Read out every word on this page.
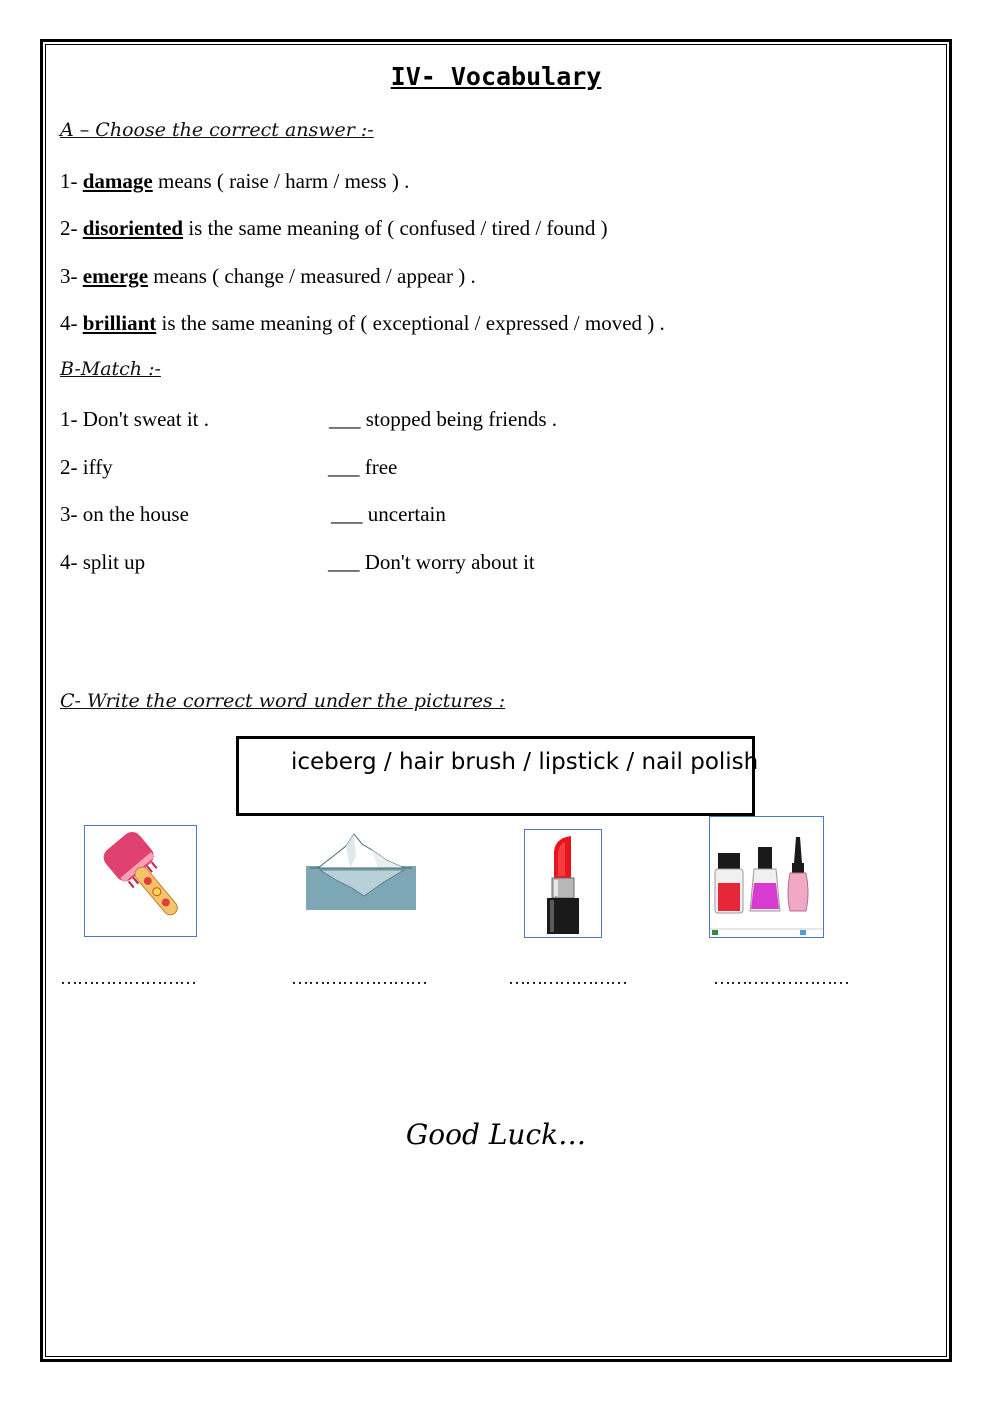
IV- Vocabulary
A – Choose the correct answer :-
1- damage means ( raise / harm / mess ) .
2- disoriented is the same meaning of ( confused / tired / found )
3- emerge means ( change / measured / appear ) .
4- brilliant is the same meaning of ( exceptional / expressed / moved ) .
B-Match :-
1- Don't sweat it .	___ stopped being friends .
2- iffy	___ free
3- on the house	___ uncertain
4- split up	___ Don't worry about it
C- Write the correct word under the pictures :
iceberg / hair brush / lipstick / nail polish
……………………	……………………	…………………	……………………
Good Luck…
